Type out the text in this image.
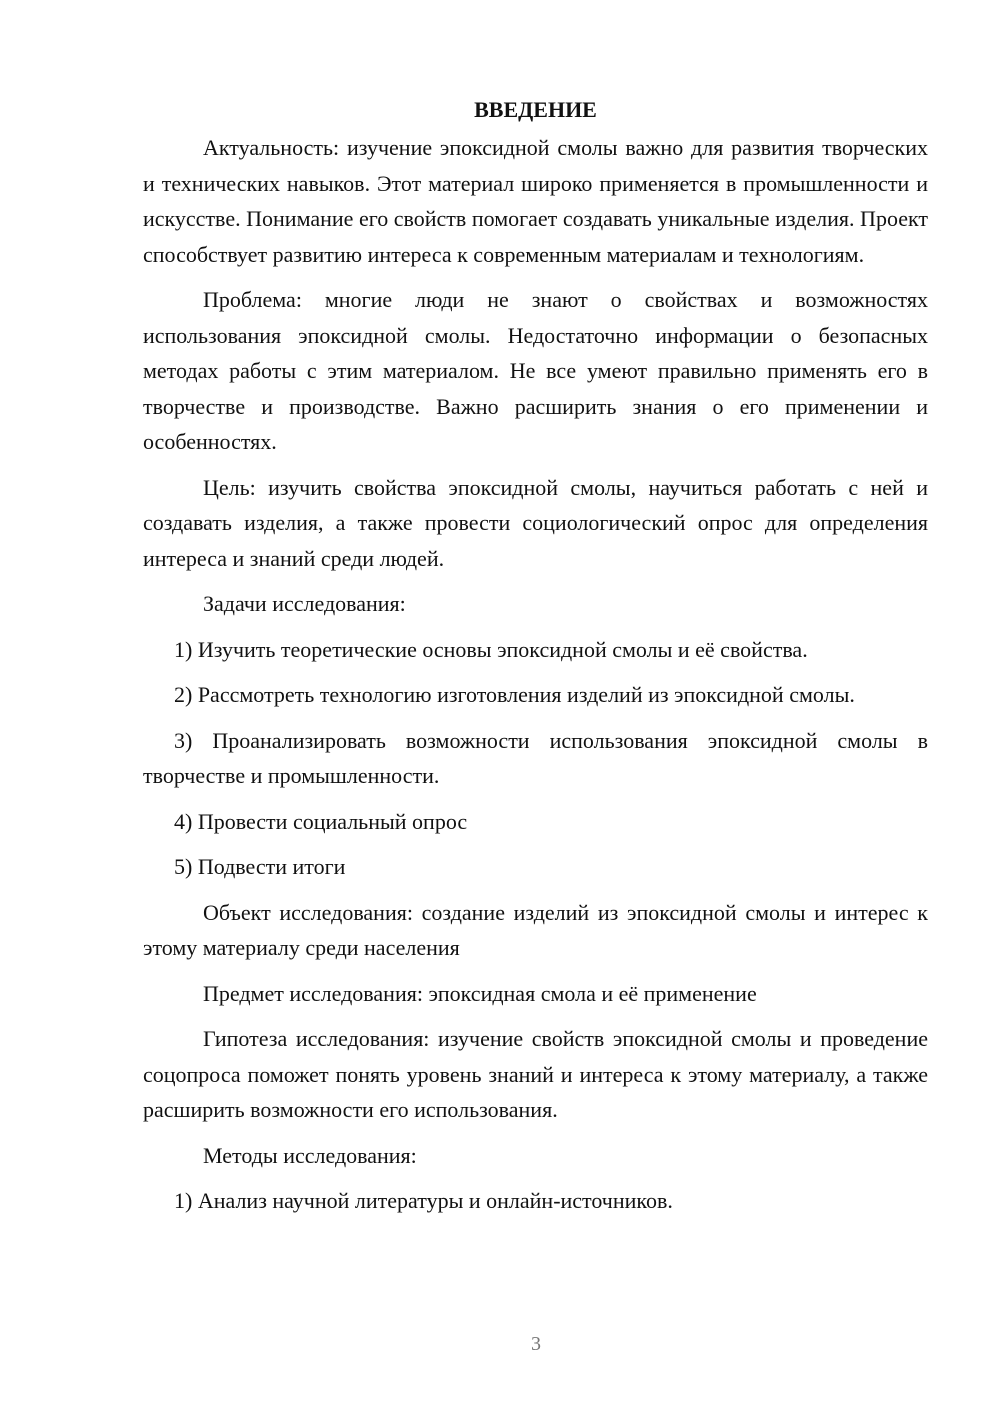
ВВЕДЕНИЕ

Актуальность: изучение эпоксидной смолы важно для развития творческих и технических навыков. Этот материал широко применяется в промышленности и искусстве. Понимание его свойств помогает создавать уникальные изделия. Проект способствует развитию интереса к современным материалам и технологиям.

Проблема: многие люди не знают о свойствах и возможностях использования эпоксидной смолы. Недостаточно информации о безопасных методах работы с этим материалом. Не все умеют правильно применять его в творчестве и производстве. Важно расширить знания о его применении и особенностях.

Цель: изучить свойства эпоксидной смолы, научиться работать с ней и создавать изделия, а также провести социологический опрос для определения интереса и знаний среди людей.

Задачи исследования:

1) Изучить теоретические основы эпоксидной смолы и её свойства.

2) Рассмотреть технологию изготовления изделий из эпоксидной смолы.

3) Проанализировать возможности использования эпоксидной смолы в творчестве и промышленности.

4) Провести социальный опрос

5) Подвести итоги

Объект исследования: создание изделий из эпоксидной смолы и интерес к этому материалу среди населения

Предмет исследования: эпоксидная смола и её применение

Гипотеза исследования: изучение свойств эпоксидной смолы и проведение соцопроса поможет понять уровень знаний и интереса к этому материалу, а также расширить возможности его использования.

Методы исследования:

1) Анализ научной литературы и онлайн-источников.

3
